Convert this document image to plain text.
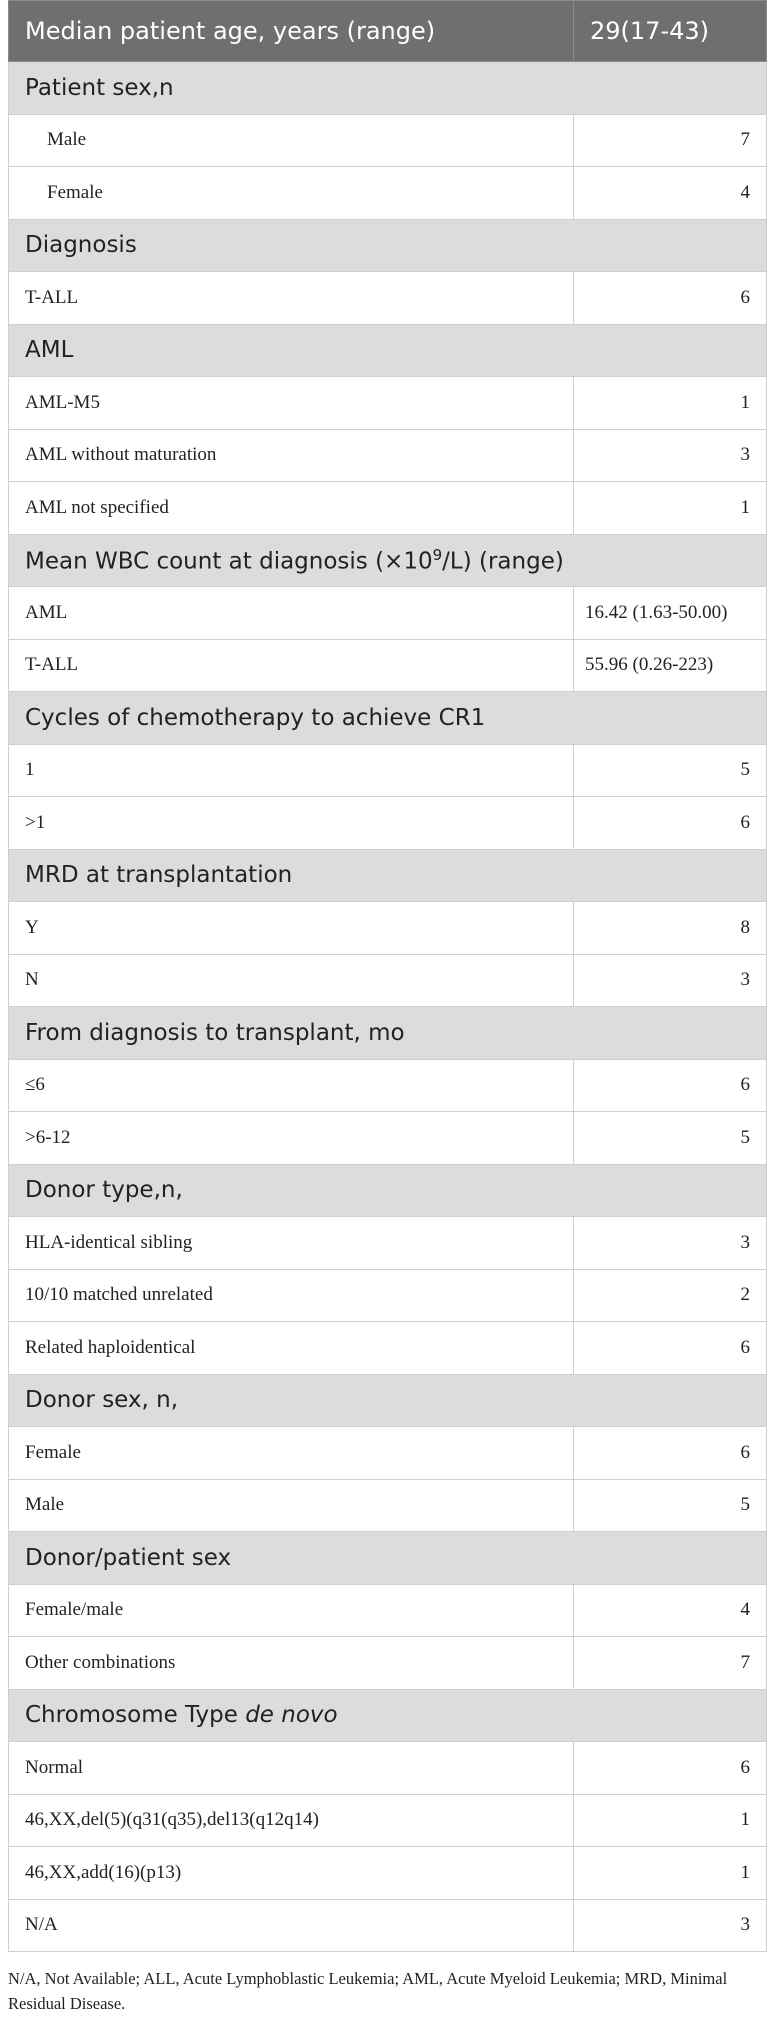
Median patient age, years (range)	29(17-43)
Patient sex,n	
Male	7
Female	4
Diagnosis	
T-ALL	6
AML	
AML-M5	1
AML without maturation	3
AML not specified	1
Mean WBC count at diagnosis $(\times 10^9/L)$ (range)	
AML	16.42 (1.63-50.00)
T-ALL	55.96 (0.26-223)
Cycles of chemotherapy to achieve CR1	
1	5
>1	6
MRD at transplantation	
Y	8
N	3
From diagnosis to transplant, mo	
≤6	6
>6-12	5
Donor type,n,	
HLA-identical sibling	3
10/10 matched unrelated	2
Related haploidentical	6
Donor sex, n,	
Female	6
Male	5
Donor/patient sex	
Female/male	4
Other combinations	7
Chromosome Type de novo	
Normal	6
46,XX,del(5)(q31(q35),del13(q12q14)	1
46,XX,add(16)(p13)	1
N/A	3
N/A, Not Available; ALL, Acute Lymphoblastic Leukemia; AML, Acute Myeloid Leukemia; MRD, Minimal Residual Disease.
